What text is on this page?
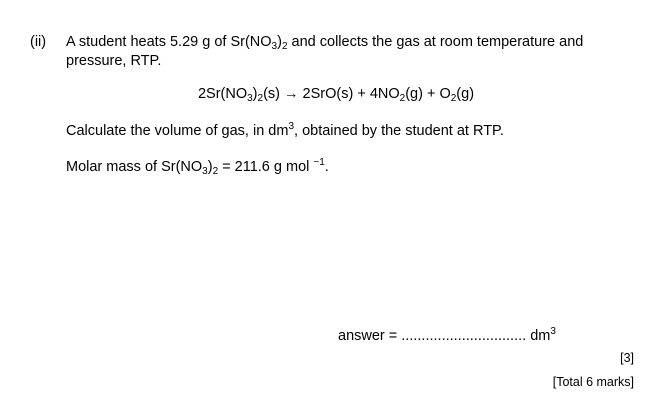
(ii) A student heats 5.29 g of $Sr(NO_3)_2$ and collects the gas at room temperature and
pressure, RTP.
$2Sr(NO_3)_2(s) \to 2SrO(s) + 4NO_2(g) + O_2(g)$
Calculate the volume of gas, in $dm^3$, obtained by the student at RTP.
Molar mass of $Sr(NO_3)_2 = 211.6$ g mol $^{-1}$.
answer = ............................... $dm^3$
[3]
[Total 6 marks]
